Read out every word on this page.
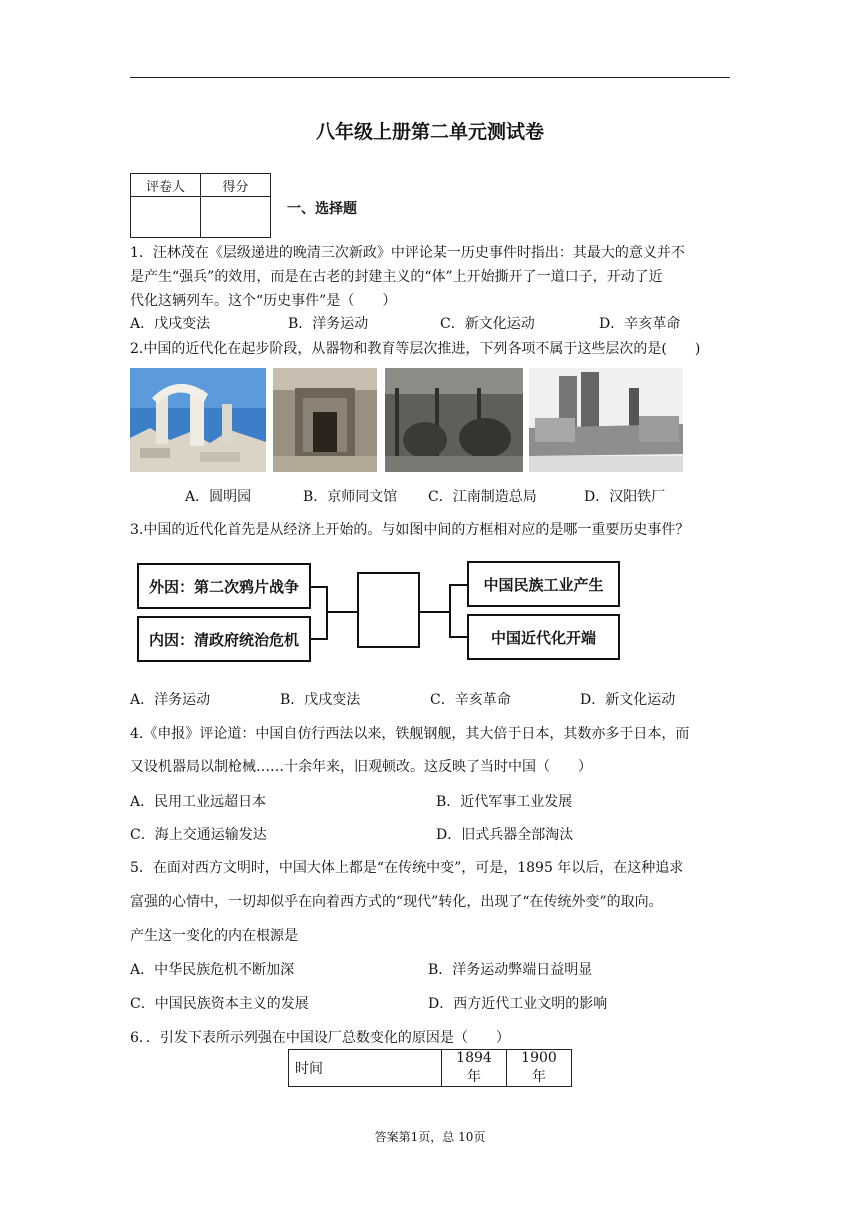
八年级上册第二单元测试卷
评卷人	得分

一、选择题
1．汪林茂在《层级递进的晚清三次新政》中评论某一历史事件时指出：其最大的意义并不
是产生“强兵”的效用，而是在古老的封建主义的“体”上开始撕开了一道口子，开动了近
代化这辆列车。这个“历史事件”是（　　）
A．戊戌变法	B．洋务运动	C．新文化运动	D．辛亥革命
2.中国的近代化在起步阶段，从器物和教育等层次推进，下列各项不属于这些层次的是(　　)
A．圆明园	B．京师同文馆 C．江南制造总局	D．汉阳铁厂
3.中国的近代化首先是从经济上开始的。与如图中间的方框相对应的是哪一重要历史事件？
外因：第二次鸦片战争
内因：清政府统治危机
中国民族工业产生
中国近代化开端
A．洋务运动	B．戊戌变法	C．辛亥革命	D．新文化运动
4.《申报》评论道：中国自仿行西法以来，铁舰钢舰，其大倍于日本，其数亦多于日本，而
又设机器局以制枪械……十余年来，旧观顿改。这反映了当时中国（　　）
A．民用工业远超日本	B．近代军事工业发展
C．海上交通运输发达	D．旧式兵器全部淘汰
5．在面对西方文明时，中国大体上都是“在传统中变”，可是，1895 年以后，在这种追求
富强的心情中，一切却似乎在向着西方式的“现代”转化，出现了“在传统外变”的取向。
产生这一变化的内在根源是
A．中华民族危机不断加深	B．洋务运动弊端日益明显
C．中国民族资本主义的发展	D．西方近代工业文明的影响
6．．引发下表所示列强在中国设厂总数变化的原因是（　　）
时间	1894 年	1900 年
答案第1页，总 10页
